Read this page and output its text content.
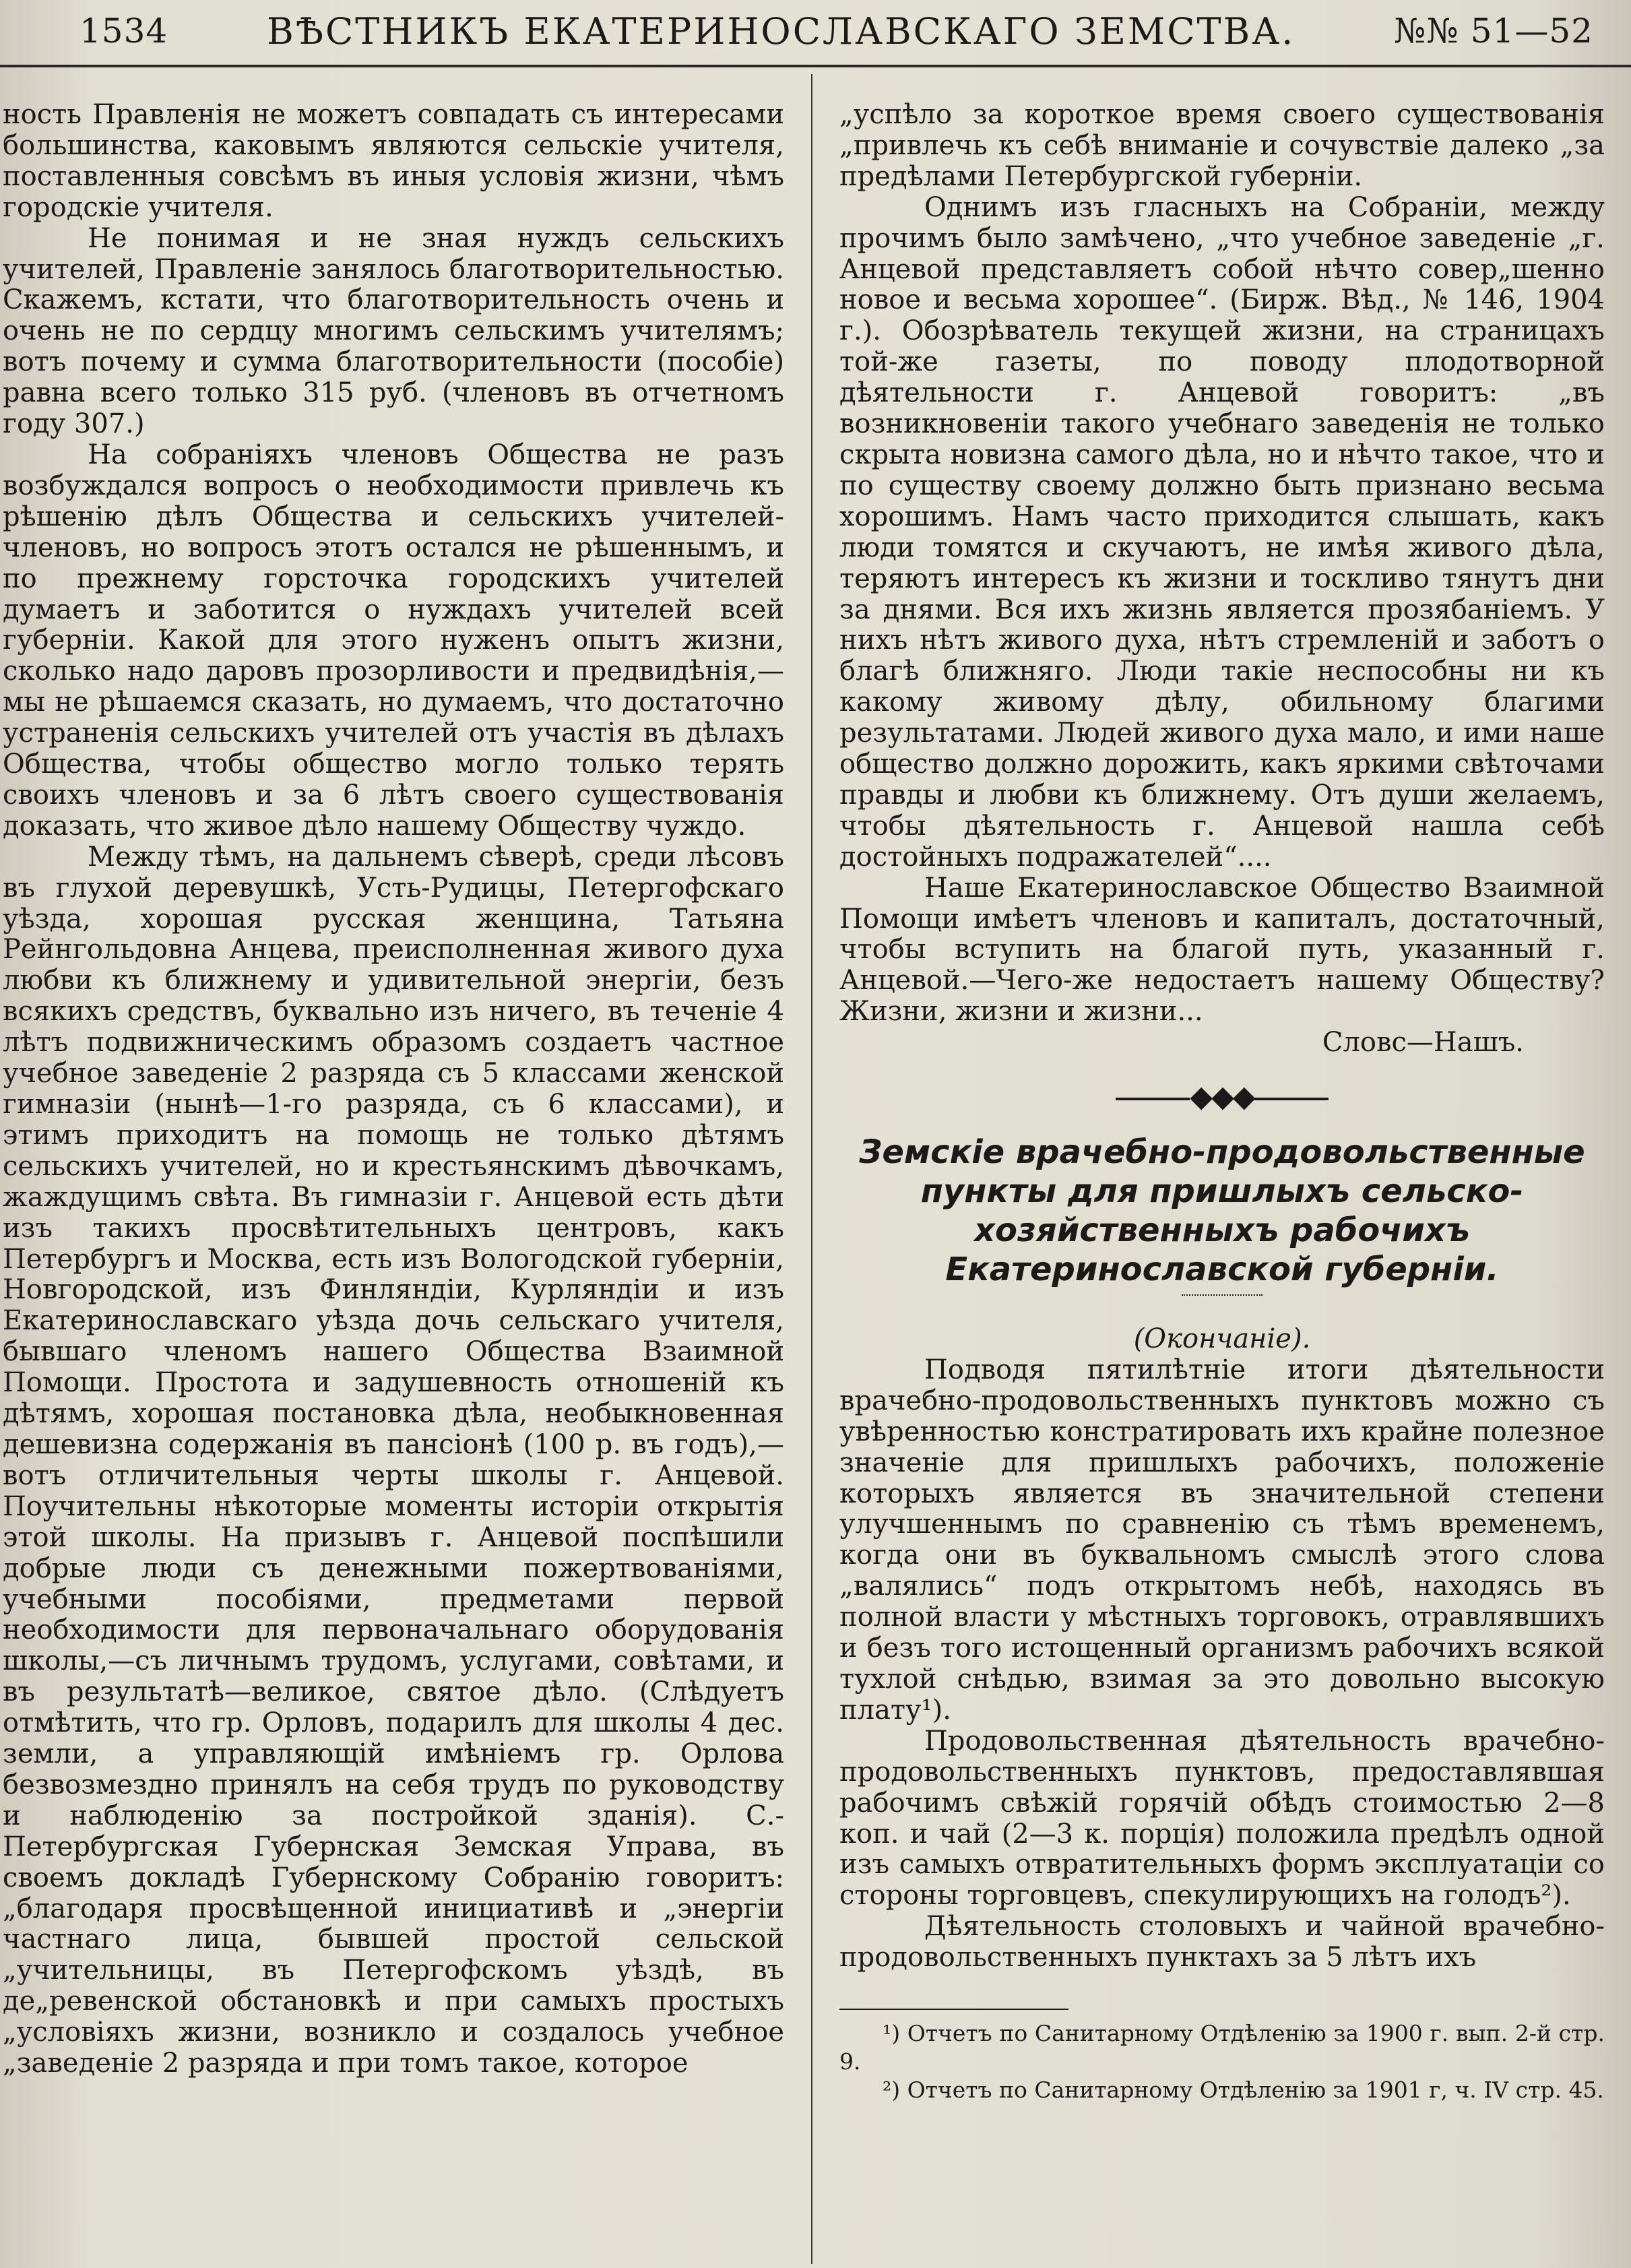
1534	ВѢСТНИКЪ ЕКАТЕРИНОСЛАВСКАГО ЗЕМСТВА.	№№ 51—52

ность Правленія не можетъ совпадать съ интересами большинства, каковымъ являются сельскіе учителя, поставленныя совсѣмъ въ иныя условія жизни, чѣмъ городскіе учителя.

Не понимая и не зная нуждъ сельскихъ учителей, Правленіе занялось благотворительностью. Скажемъ, кстати, что благотворительность очень и очень не по сердцу многимъ сельскимъ учителямъ; вотъ почему и сумма благотворительности (пособіе) равна всего только 315 руб. (членовъ въ отчетномъ году 307.)

На собраніяхъ членовъ Общества не разъ возбуждался вопросъ о необходимости привлечь къ рѣшенію дѣлъ Общества и сельскихъ учителей-членовъ, но вопросъ этотъ остался не рѣшеннымъ, и по прежнему горсточка городскихъ учителей думаетъ и заботится о нуждахъ учителей всей губерніи. Какой для этого нуженъ опытъ жизни, сколько надо даровъ прозорливости и предвидѣнія,—мы не рѣшаемся сказать, но думаемъ, что достаточно устраненія сельскихъ учителей отъ участія въ дѣлахъ Общества, чтобы общество могло только терять своихъ членовъ и за 6 лѣтъ своего существованія доказать, что живое дѣло нашему Обществу чуждо.

Между тѣмъ, на дальнемъ сѣверѣ, среди лѣсовъ въ глухой деревушкѣ, Усть-Рудицы, Петергофскаго уѣзда, хорошая русская женщина, Татьяна Рейнгольдовна Анцева, преисполненная живого духа любви къ ближнему и удивительной энергіи, безъ всякихъ средствъ, буквально изъ ничего, въ теченіе 4 лѣтъ подвижническимъ образомъ создаетъ частное учебное заведеніе 2 разряда съ 5 классами женской гимназіи (нынѣ—1-го разряда, съ 6 классами), и этимъ приходитъ на помощь не только дѣтямъ сельскихъ учителей, но и крестьянскимъ дѣвочкамъ, жаждущимъ свѣта. Въ гимназіи г. Анцевой есть дѣти изъ такихъ просвѣтительныхъ центровъ, какъ Петербургъ и Москва, есть изъ Вологодской губерніи, Новгородской, изъ Финляндіи, Курляндіи и изъ Екатеринославскаго уѣзда дочь сельскаго учителя, бывшаго членомъ нашего Общества Взаимной Помощи. Простота и задушевность отношеній къ дѣтямъ, хорошая постановка дѣла, необыкновенная дешевизна содержанія въ пансіонѣ (100 р. въ годъ),—вотъ отличительныя черты школы г. Анцевой. Поучительны нѣкоторые моменты исторіи открытія этой школы. На призывъ г. Анцевой поспѣшили добрые люди съ денежными пожертвованіями, учебными пособіями, предметами первой необходимости для первоначальнаго оборудованія школы,—съ личнымъ трудомъ, услугами, совѣтами, и въ результатѣ—великое, святое дѣло. (Слѣдуетъ отмѣтить, что гр. Орловъ, подарилъ для школы 4 дес. земли, а управляющій имѣніемъ гр. Орлова безвозмездно принялъ на себя трудъ по руководству и наблюденію за постройкой зданія). С.-Петербургская Губернская Земская Управа, въ своемъ докладѣ Губернскому Собранію говоритъ: „благодаря просвѣщенной инициативѣ и „энергіи частнаго лица, бывшей простой сельской „учительницы, въ Петергофскомъ уѣздѣ, въ де„ревенской обстановкѣ и при самыхъ простыхъ „условіяхъ жизни, возникло и создалось учебное „заведеніе 2 разряда и при томъ такое, которое

„успѣло за короткое время своего существованія „привлечь къ себѣ вниманіе и сочувствіе далеко „за предѣлами Петербургской губерніи.

Однимъ изъ гласныхъ на Собраніи, между прочимъ было замѣчено, „что учебное заведеніе „г. Анцевой представляетъ собой нѣчто совер„шенно новое и весьма хорошее“. (Бирж. Вѣд., № 146, 1904 г.). Обозрѣватель текущей жизни, на страницахъ той-же газеты, по поводу плодотворной дѣятельности г. Анцевой говоритъ: „въ возникновеніи такого учебнаго заведенія не только скрыта новизна самого дѣла, но и нѣчто такое, что и по существу своему должно быть признано весьма хорошимъ. Намъ часто приходится слышать, какъ люди томятся и скучаютъ, не имѣя живого дѣла, теряютъ интересъ къ жизни и тоскливо тянутъ дни за днями. Вся ихъ жизнь является прозябаніемъ. У нихъ нѣтъ живого духа, нѣтъ стремленій и заботъ о благѣ ближняго. Люди такіе неспособны ни къ какому живому дѣлу, обильному благими результатами. Людей живого духа мало, и ими наше общество должно дорожить, какъ яркими свѣточами правды и любви къ ближнему. Отъ души желаемъ, чтобы дѣятельность г. Анцевой нашла себѣ достойныхъ подражателей“....

Наше Екатеринославское Общество Взаимной Помощи имѣетъ членовъ и капиталъ, достаточный, чтобы вступить на благой путь, указанный г. Анцевой.—Чего-же недостаетъ нашему Обществу? Жизни, жизни и жизни...

Словс—Нашъ.

◆◆◆

Земскіе врачебно-продовольственные пункты для пришлыхъ сельско-хозяйственныхъ рабочихъ Екатеринославской губерніи.

(Окончаніе).

Подводя пятилѣтніе итоги дѣятельности врачебно-продовольственныхъ пунктовъ можно съ увѣренностью констратировать ихъ крайне полезное значеніе для пришлыхъ рабочихъ, положеніе которыхъ является въ значительной степени улучшеннымъ по сравненію съ тѣмъ временемъ, когда они въ буквальномъ смыслѣ этого слова „валялись“ подъ открытомъ небѣ, находясь въ полной власти у мѣстныхъ торговокъ, отравлявшихъ и безъ того истощенный организмъ рабочихъ всякой тухлой снѣдью, взимая за это довольно высокую плату¹).

Продовольственная дѣятельность врачебно-продовольственныхъ пунктовъ, предоставлявшая рабочимъ свѣжій горячій обѣдъ стоимостью 2—8 коп. и чай (2—3 к. порція) положила предѣлъ одной изъ самыхъ отвратительныхъ формъ эксплуатаціи со стороны торговцевъ, спекулирующихъ на голодъ²).

Дѣятельность столовыхъ и чайной врачебно-продовольственныхъ пунктахъ за 5 лѣтъ ихъ

¹) Отчетъ по Санитарному Отдѣленію за 1900 г. вып. 2-й стр. 9.

²) Отчетъ по Санитарному Отдѣленію за 1901 г, ч. IV стр. 45.
